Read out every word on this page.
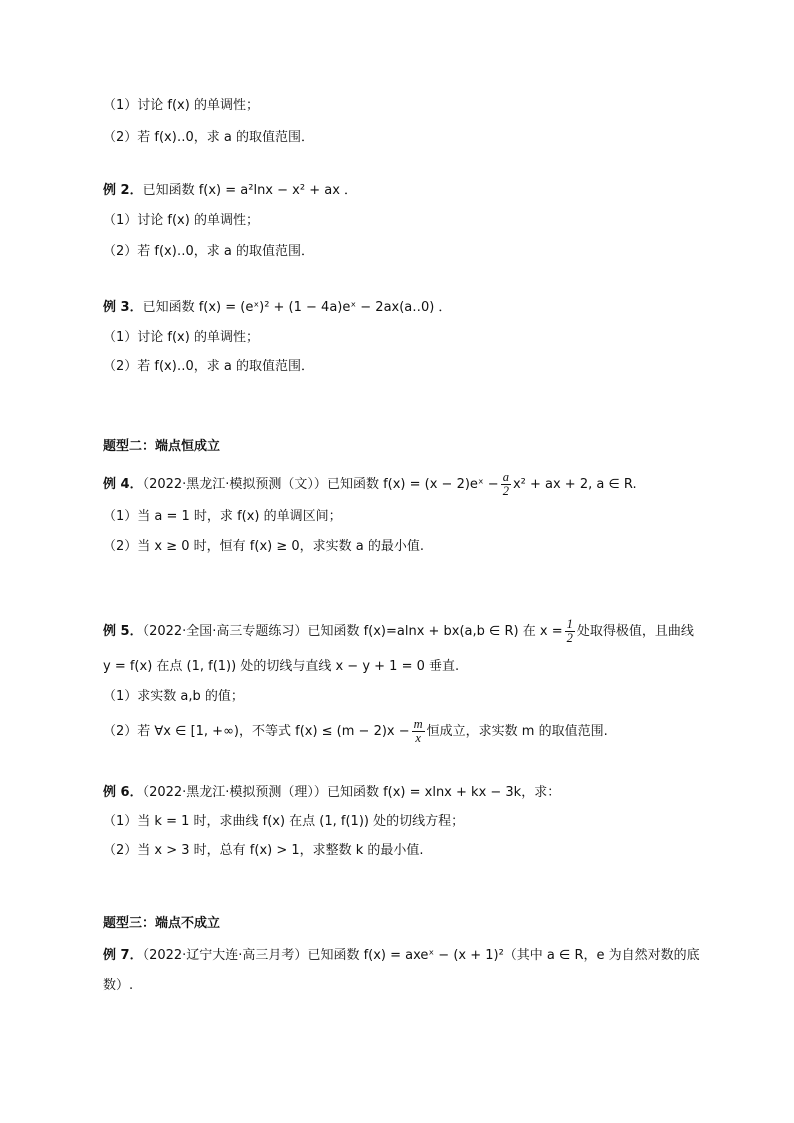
（1）讨论 f(x) 的单调性；
（2）若 f(x)‥0，求 a 的取值范围．
例 2．已知函数 f(x) = a²lnx − x² + ax ．
（1）讨论 f(x) 的单调性；
（2）若 f(x)‥0，求 a 的取值范围．
例 3．已知函数 f(x) = (eˣ)² + (1 − 4a)eˣ − 2ax(a‥0) ．
（1）讨论 f(x) 的单调性；
（2）若 f(x)‥0，求 a 的取值范围．
题型二：端点恒成立
例 4．（2022·黑龙江·模拟预测（文））已知函数 f(x) = (x − 2)eˣ − $\frac{a}{2} x^2$ + ax + 2, a ∈ R.
（1）当 a = 1 时，求 f(x) 的单调区间；
（2）当 x ≥ 0 时，恒有 f(x) ≥ 0，求实数 a 的最小值.
例 5．（2022·全国·高三专题练习）已知函数 f(x)=alnx + bx(a,b ∈ R) 在 $x = \frac{1}{2}$ 处取得极值，且曲线
y = f(x) 在点 (1, f(1)) 处的切线与直线 x − y + 1 = 0 垂直.
（1）求实数 a,b 的值；
（2）若 ∀x ∈ [1, +∞)，不等式 $f(x) \le (m - 2)x - \frac{m}{x}$ 恒成立，求实数 m 的取值范围.
例 6．（2022·黑龙江·模拟预测（理））已知函数 f(x) = xlnx + kx − 3k，求：
（1）当 k = 1 时，求曲线 f(x) 在点 (1, f(1)) 处的切线方程；
（2）当 x > 3 时，总有 f(x) > 1，求整数 k 的最小值.
题型三：端点不成立
例 7．（2022·辽宁大连·高三月考）已知函数 f(x) = axeˣ − (x + 1)²（其中 a ∈ R，e 为自然对数的底
数）.
